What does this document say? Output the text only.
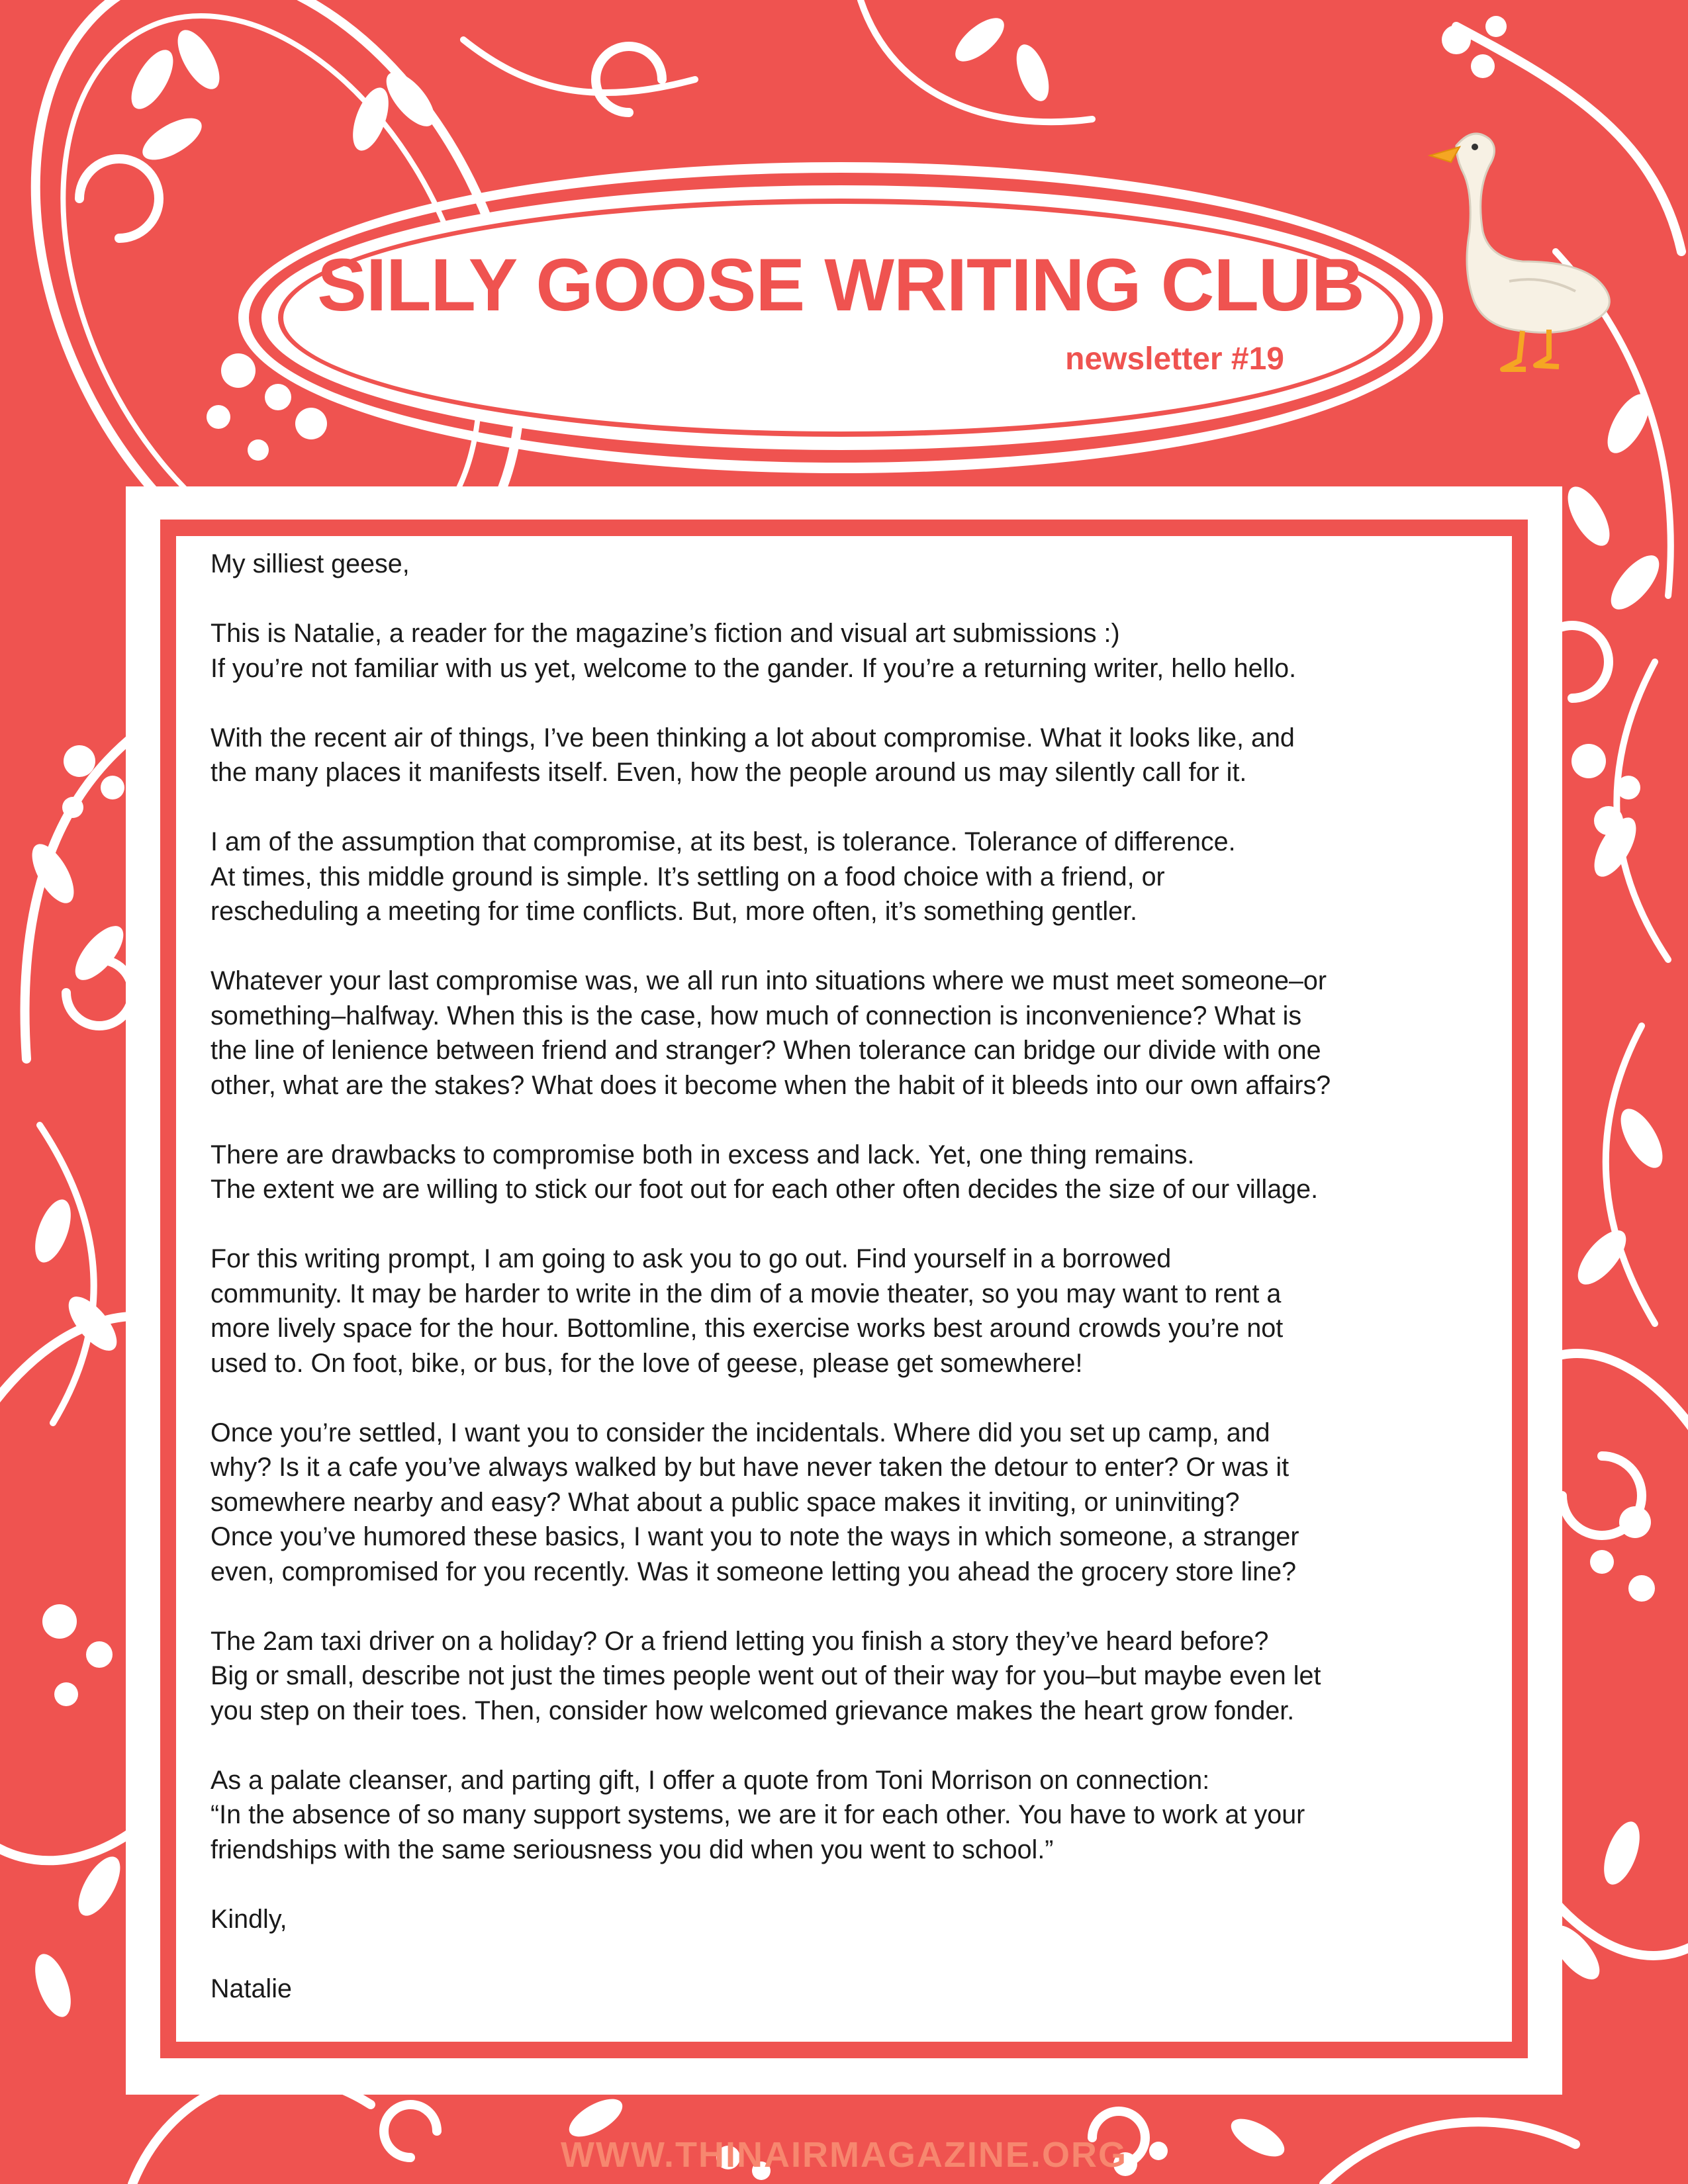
SILLY GOOSE WRITING CLUB
newsletter #19

My silliest geese,

This is Natalie, a reader for the magazine’s fiction and visual art submissions :)
If you’re not familiar with us yet, welcome to the gander. If you’re a returning writer, hello hello.

With the recent air of things, I’ve been thinking a lot about compromise. What it looks like, and
the many places it manifests itself. Even, how the people around us may silently call for it.

I am of the assumption that compromise, at its best, is tolerance. Tolerance of difference.
At times, this middle ground is simple. It’s settling on a food choice with a friend, or
rescheduling a meeting for time conflicts. But, more often, it’s something gentler.

Whatever your last compromise was, we all run into situations where we must meet someone–or
something–halfway. When this is the case, how much of connection is inconvenience? What is
the line of lenience between friend and stranger? When tolerance can bridge our divide with one
other, what are the stakes? What does it become when the habit of it bleeds into our own affairs?

There are drawbacks to compromise both in excess and lack. Yet, one thing remains.
The extent we are willing to stick our foot out for each other often decides the size of our village.

For this writing prompt, I am going to ask you to go out. Find yourself in a borrowed
community. It may be harder to write in the dim of a movie theater, so you may want to rent a
more lively space for the hour. Bottomline, this exercise works best around crowds you’re not
used to. On foot, bike, or bus, for the love of geese, please get somewhere!

Once you’re settled, I want you to consider the incidentals. Where did you set up camp, and
why? Is it a cafe you’ve always walked by but have never taken the detour to enter? Or was it
somewhere nearby and easy? What about a public space makes it inviting, or uninviting?
Once you’ve humored these basics, I want you to note the ways in which someone, a stranger
even, compromised for you recently. Was it someone letting you ahead the grocery store line?

The 2am taxi driver on a holiday? Or a friend letting you finish a story they’ve heard before?
Big or small, describe not just the times people went out of their way for you–but maybe even let
you step on their toes. Then, consider how welcomed grievance makes the heart grow fonder.

As a palate cleanser, and parting gift, I offer a quote from Toni Morrison on connection:
“In the absence of so many support systems, we are it for each other. You have to work at your
friendships with the same seriousness you did when you went to school.”

Kindly,

Natalie

WWW.THINAIRMAGAZINE.ORG
